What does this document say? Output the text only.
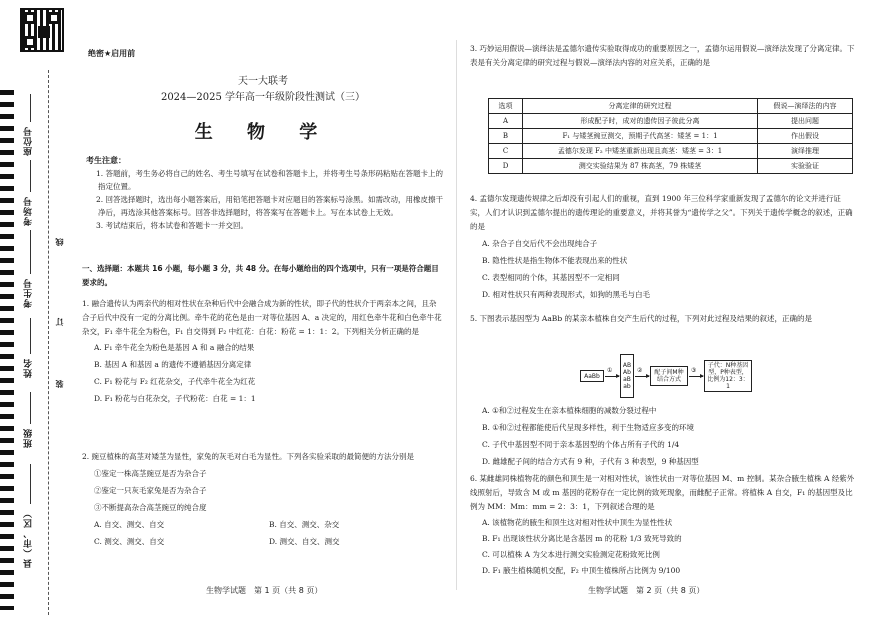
座位号
考场号
考生号
姓名
班级
县（市、区）
线
订
装
绝密★启用前
天一大联考
2024—2025 学年高一年级阶段性测试（三）
生 物 学
考生注意：

1. 答题前，考生务必将自己的姓名、考生号填写在试卷和答题卡上，并将考生号条形码粘贴在答题卡上的指定位置。

2. 回答选择题时，选出每小题答案后，用铅笔把答题卡对应题目的答案标号涂黑。如需改动，用橡皮擦干净后，再选涂其他答案标号。回答非选择题时，将答案写在答题卡上。写在本试卷上无效。

3. 考试结束后，将本试卷和答题卡一并交回。

一、选择题：本题共 16 小题，每小题 3 分，共 48 分。在每小题给出的四个选项中，只有一项是符合题目要求的。
1. 融合遗传认为两亲代的相对性状在杂种后代中会融合成为新的性状，即子代的性状介于两亲本之间，且杂合子后代中没有一定的分离比例。牵牛花的花色是由一对等位基因 A、a 决定的，用红色牵牛花和白色牵牛花杂交，F₁ 牵牛花全为粉色，F₁ 自交得到 F₂ 中红花：白花：粉花 = 1：1：2。下列相关分析正确的是
A. F₁ 牵牛花全为粉色是基因 A 和 a 融合的结果
B. 基因 A 和基因 a 的遗传不遵循基因分离定律
C. F₁ 粉花与 F₂ 红花杂交，子代牵牛花全为红花
D. F₁ 粉花与白花杂交，子代粉花：白花 = 1：1
2. 豌豆植株的高茎对矮茎为显性，家兔的灰毛对白毛为显性。下列各实验采取的最简便的方法分别是
①鉴定一株高茎豌豆是否为杂合子
②鉴定一只灰毛家兔是否为杂合子
③不断提高杂合高茎豌豆的纯合度
A. 自交、测交、自交	B. 自交、测交、杂交
C. 测交、测交、自交	D. 测交、自交、测交
生物学试题　第 1 页（共 8 页）
3. 巧妙运用假说—演绎法是孟德尔遗传实验取得成功的重要原因之一，孟德尔运用假说—演绎法发现了分离定律。下表是有关分离定律的研究过程与假说—演绎法内容的对应关系，正确的是
选项	分离定律的研究过程	假说—演绎法的内容
A	形成配子时，成对的遗传因子彼此分离	提出问题
B	F₁ 与矮茎豌豆测交，预期子代高茎：矮茎 = 1：1	作出假设
C	孟德尔发现 F₂ 中矮茎重新出现且高茎：矮茎 = 3：1	演绎推理
D	测交实验结果为 87 株高茎，79 株矮茎	实验验证
4. 孟德尔发现遗传规律之后却没有引起人们的重视，直到 1900 年三位科学家重新发现了孟德尔的论文并进行证实，人们才认识到孟德尔提出的遗传理论的重要意义，并将其誉为“遗传学之父”。下列关于遗传学概念的叙述，正确的是
A. 杂合子自交后代不会出现纯合子
B. 隐性性状是指生物体不能表现出来的性状
C. 表型相同的个体，其基因型不一定相同
D. 相对性状只有两种表现形式，如狗的黑毛与白毛
5. 下图表示基因型为 AaBb 的某亲本植株自交产生后代的过程，下列对此过程及结果的叙述，正确的是
AaBb
①
AB
Ab
aB
ab
②	配子间M种结合方式
③
子代：N种基因型，P种表型，比例为12：3：1
A. ①和②过程发生在亲本植株细胞的减数分裂过程中
B. ①和②过程都能使后代呈现多样性，利于生物适应多变的环境
C. 子代中基因型不同于亲本基因型的个体占所有子代的 1/4
D. 雌雄配子间的结合方式有 9 种，子代有 3 种表型，9 种基因型
6. 某雌雄同株植物花的颜色和顶生是一对相对性状，该性状由一对等位基因 M、m 控制。某杂合腋生植株 A 经紫外线照射后，导致含 M 或 m 基因的花粉存在一定比例的致死现象，而雌配子正常。将植株 A 自交，F₁ 的基因型及比例为 MM：Mm：mm = 2：3：1，下列叙述合理的是
A. 该植物花的腋生和顶生这对相对性状中顶生为显性性状
B. F₁ 出现该性状分离比是含基因 m 的花粉 1/3 致死导致的
C. 可以植株 A 为父本进行测交实验测定花粉致死比例
D. F₁ 腋生植株随机交配，F₂ 中顶生植株所占比例为 9/100
生物学试题　第 2 页（共 8 页）
